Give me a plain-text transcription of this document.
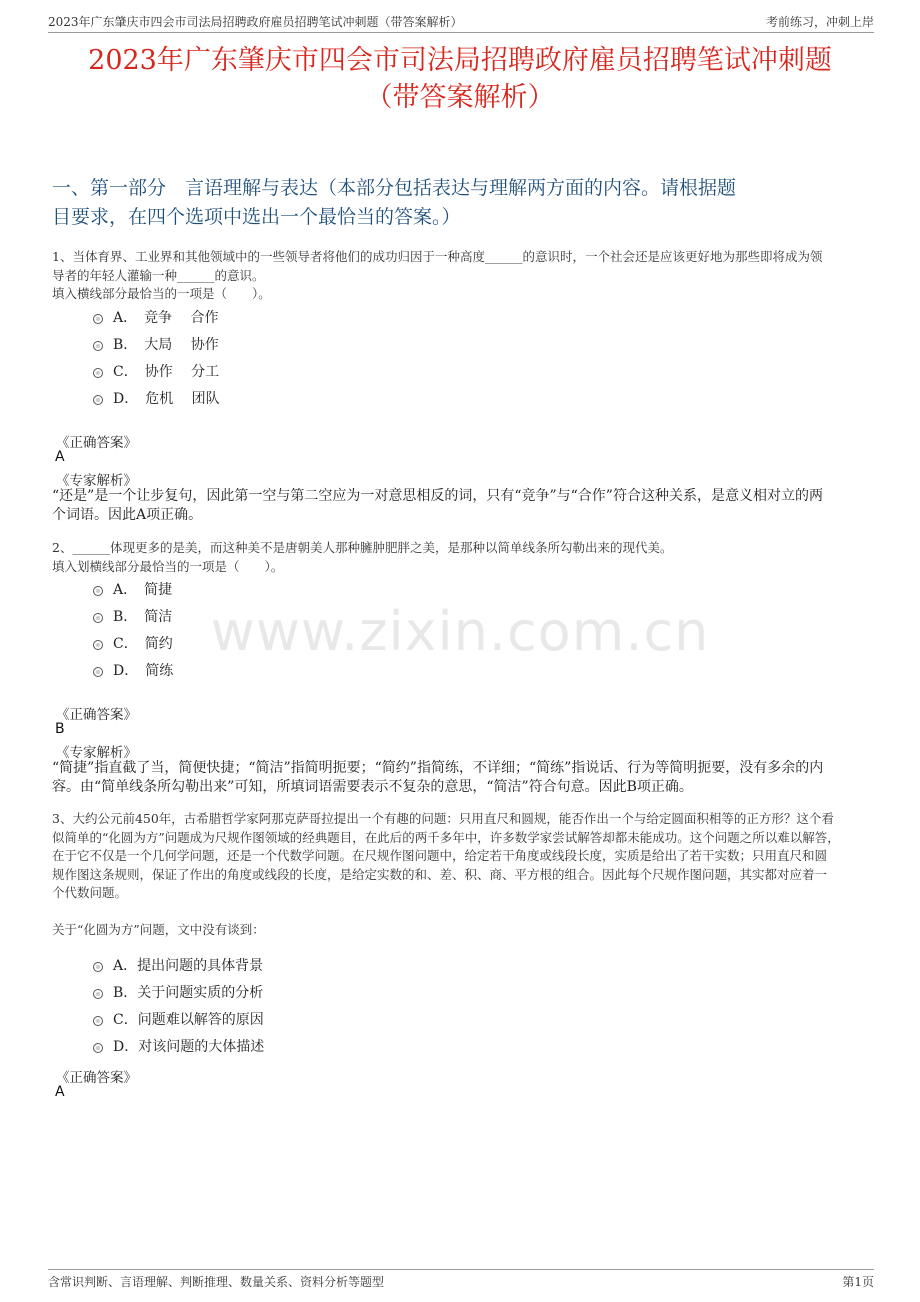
2023年广东肇庆市四会市司法局招聘政府雇员招聘笔试冲刺题（带答案解析）	考前练习，冲刺上岸
2023年广东肇庆市四会市司法局招聘政府雇员招聘笔试冲刺题
（带答案解析）
一、第一部分　言语理解与表达（本部分包括表达与理解两方面的内容。请根据题
目要求，在四个选项中选出一个最恰当的答案。）
1、当体育界、工业界和其他领域中的一些领导者将他们的成功归因于一种高度______的意识时，一个社会还是应该更好地为那些即将成为领
导者的年轻人灌输一种______的意识。
填入横线部分最恰当的一项是（　　）。
A．　竞争　 合作
B．　大局　 协作
C．　协作　 分工
D．　危机　 团队
《正确答案》
A
《专家解析》
“还是”是一个让步复句，因此第一空与第二空应为一对意思相反的词，只有“竞争”与“合作”符合这种关系，是意义相对立的两
个词语。因此A项正确。
2、______体现更多的是美，而这种美不是唐朝美人那种臃肿肥胖之美，是那种以简单线条所勾勒出来的现代美。
填入划横线部分最恰当的一项是（　　）。
A．　简捷
B．　简洁
C．　简约
D．　简练
《正确答案》
B
《专家解析》
“简捷”指直截了当，简便快捷；“简洁”指简明扼要；“简约”指简练，不详细；“简练”指说话、行为等简明扼要，没有多余的内
容。由“简单线条所勾勒出来”可知，所填词语需要表示不复杂的意思，“简洁”符合句意。因此B项正确。
3、大约公元前450年，古希腊哲学家阿那克萨哥拉提出一个有趣的问题：只用直尺和圆规，能否作出一个与给定圆面积相等的正方形？这个看
似简单的“化圆为方”问题成为尺规作图领域的经典题目，在此后的两千多年中，许多数学家尝试解答却都未能成功。这个问题之所以难以解答，
在于它不仅是一个几何学问题，还是一个代数学问题。在尺规作图问题中，给定若干角度或线段长度，实质是给出了若干实数；只用直尺和圆
规作图这条规则，保证了作出的角度或线段的长度，是给定实数的和、差、积、商、平方根的组合。因此每个尺规作图问题，其实都对应着一
个代数问题。
关于“化圆为方”问题，文中没有谈到：
A．提出问题的具体背景
B．关于问题实质的分析
C．问题难以解答的原因
D．对该问题的大体描述
《正确答案》
A
www.zixin.com.cn
含常识判断、言语理解、判断推理、数量关系、资料分析等题型	第1页
